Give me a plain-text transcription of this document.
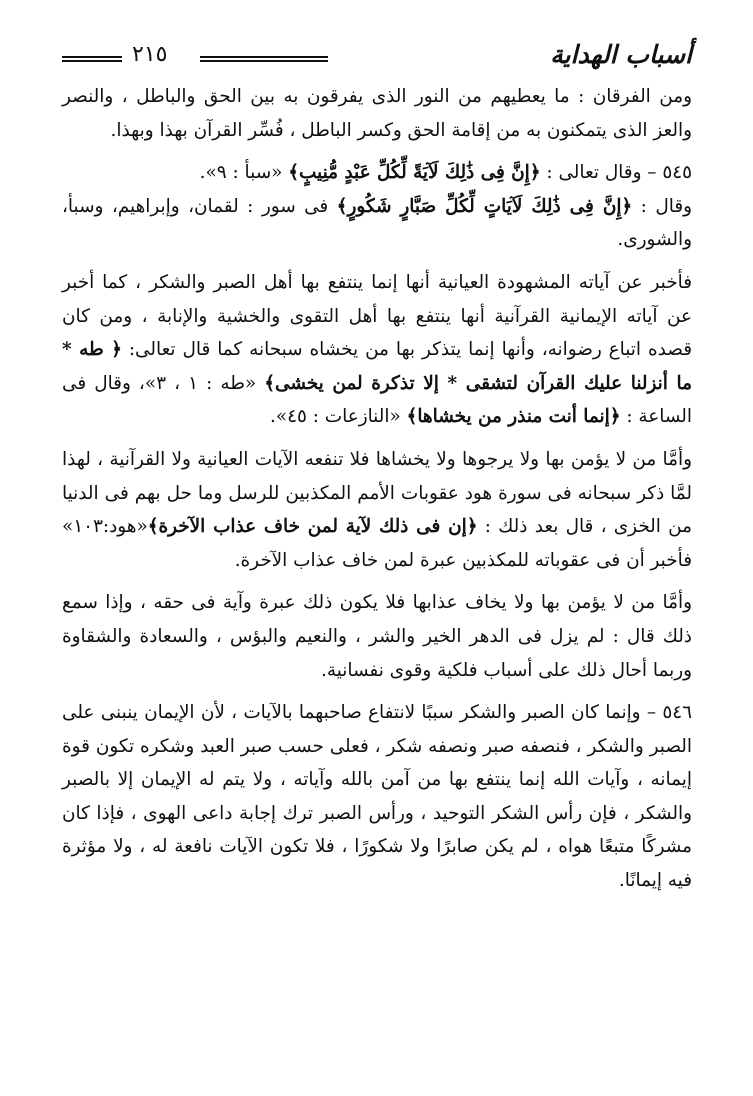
٢١٥	أسباب الهداية

ومن الفرقان : ما يعطيهم من النور الذى يفرقون به بين الحق والباطل ، والنصر والعز الذى يتمكنون به من إقامة الحق وكسر الباطل ، فُسِّر القرآن بهذا وبهذا.

٥٤٥ – وقال تعالى : ﴿إِنَّ فِى ذَٰلِكَ لَآيَةً لِّكُلِّ عَبْدٍ مُّنِيبٍ﴾ «سبأ : ٩».

وقال : ﴿إِنَّ فِى ذَٰلِكَ لَآيَاتٍ لِّكُلِّ صَبَّارٍ شَكُورٍ﴾ فى سور : لقمان، وإبراهيم، وسبأ، والشورى.

فأخبر عن آياته المشهودة العيانية أنها إنما ينتفع بها أهل الصبر والشكر ، كما أخبر عن آياته الإيمانية القرآنية أنها ينتفع بها أهل التقوى والخشية والإنابة ، ومن كان قصده اتباع رضوانه، وأنها إنما يتذكر بها من يخشاه سبحانه كما قال تعالى: ﴿ طه * ما أنزلنا عليك القرآن لتشقى * إلا تذكرة لمن يخشى﴾ «طه : ١ ، ٣»، وقال فى الساعة : ﴿إنما أنت منذر من يخشاها﴾ «النازعات : ٤٥».

وأمَّا من لا يؤمن بها ولا يرجوها ولا يخشاها فلا تنفعه الآيات العيانية ولا القرآنية ، لهذا لمَّا ذكر سبحانه فى سورة هود عقوبات الأمم المكذبين للرسل وما حل بهم فى الدنيا من الخزى ، قال بعد ذلك : ﴿إن فى ذلك لآية لمن خاف عذاب الآخرة﴾«هود:١٠٣» فأخبر أن فى عقوباته للمكذبين عبرة لمن خاف عذاب الآخرة.

وأمَّا من لا يؤمن بها ولا يخاف عذابها فلا يكون ذلك عبرة وآية فى حقه ، وإذا سمع ذلك قال : لم يزل فى الدهر الخير والشر ، والنعيم والبؤس ، والسعادة والشقاوة وربما أحال ذلك على أسباب فلكية وقوى نفسانية.

٥٤٦ – وإنما كان الصبر والشكر سببًا لانتفاع صاحبهما بالآيات ، لأن الإيمان ينبنى على الصبر والشكر ، فنصفه صبر ونصفه شكر ، فعلى حسب صبر العبد وشكره تكون قوة إيمانه ، وآيات الله إنما ينتفع بها من آمن بالله وآياته ، ولا يتم له الإيمان إلا بالصبر والشكر ، فإن رأس الشكر التوحيد ، ورأس الصبر ترك إجابة داعى الهوى ، فإذا كان مشركًا متبعًا هواه ، لم يكن صابرًا ولا شكورًا ، فلا تكون الآيات نافعة له ، ولا مؤثرة فيه إيمانًا.
